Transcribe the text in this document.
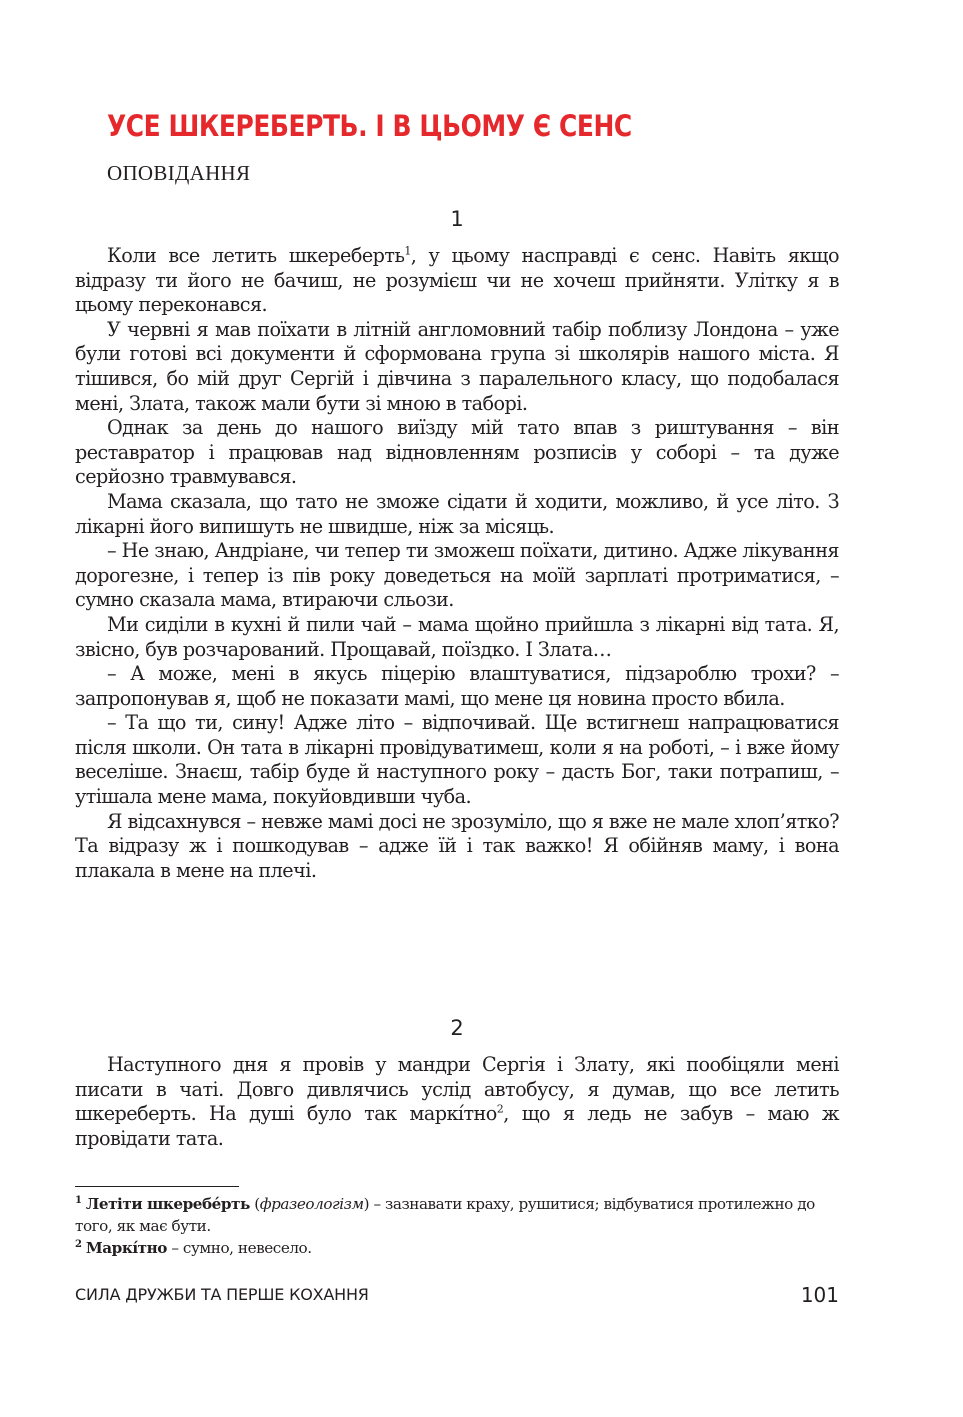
УСЕ ШКЕРЕБЕРТЬ. І В ЦЬОМУ Є СЕНС
ОПОВІДАННЯ
1

Коли все летить шкереберть$^1$, у цьому насправді є сенс. Навіть якщо відразу ти його не бачиш, не розумієш чи не хочеш прийняти. Улітку я в цьому переконався.

У червні я мав поїхати в літній англомовний табір поблизу Лондона – уже були готові всі документи й сформована група зі школярів нашого міста. Я тішився, бо мій друг Сергій і дівчина з паралельного класу, що подобалася мені, Злата, також мали бути зі мною в таборі.

Однак за день до нашого виїзду мій тато впав з риштування – він реставратор і працював над відновленням розписів у соборі – та дуже серйозно травмувався.

Мама сказала, що тато не зможе сідати й ходити, можливо, й усе літо. З лікарні його випишуть не швидше, ніж за місяць.

– Не знаю, Андріане, чи тепер ти зможеш поїхати, дитино. Адже лікування дорогезне, і тепер із пів року доведеться на моїй зарплаті протриматися, – сумно сказала мама, втираючи сльози.

Ми сиділи в кухні й пили чай – мама щойно прийшла з лікарні від тата. Я, звісно, був розчарований. Прощавай, поїздко. І Злата…

– А може, мені в якусь піцерію влаштуватися, підзароблю трохи? – запропонував я, щоб не показати мамі, що мене ця новина просто вбила.

– Та що ти, сину! Адже літо – відпочивай. Ще встигнеш напрацюватися після школи. Он тата в лікарні провідуватимеш, коли я на роботі, – і вже йому веселіше. Знаєш, табір буде й наступного року – дасть Бог, таки потрапиш, – утішала мене мама, покуйовдивши чуба.

Я відсахнувся – невже мамі досі не зрозуміло, що я вже не мале хлоп’ятко? Та відразу ж і пошкодував – адже їй і так важко! Я обійняв маму, і вона плакала в мене на плечі.

2

Наступного дня я провів у мандри Сергія і Злату, які пообіцяли мені писати в чаті. Довго дивлячись услід автобусу, я думав, що все летить шкереберть. На душі було так маркі́тно$^2$, що я ледь не забув – маю ж провідати тата.

$^1$ Летіти шкеребе́рть (фразеологізм) – зазнавати краху, рушитися; відбуватися протилежно до того, як має бути.

$^2$ Маркі́тно – сумно, невесело.

СИЛА ДРУЖБИ ТА ПЕРШЕ КОХАННЯ	101
